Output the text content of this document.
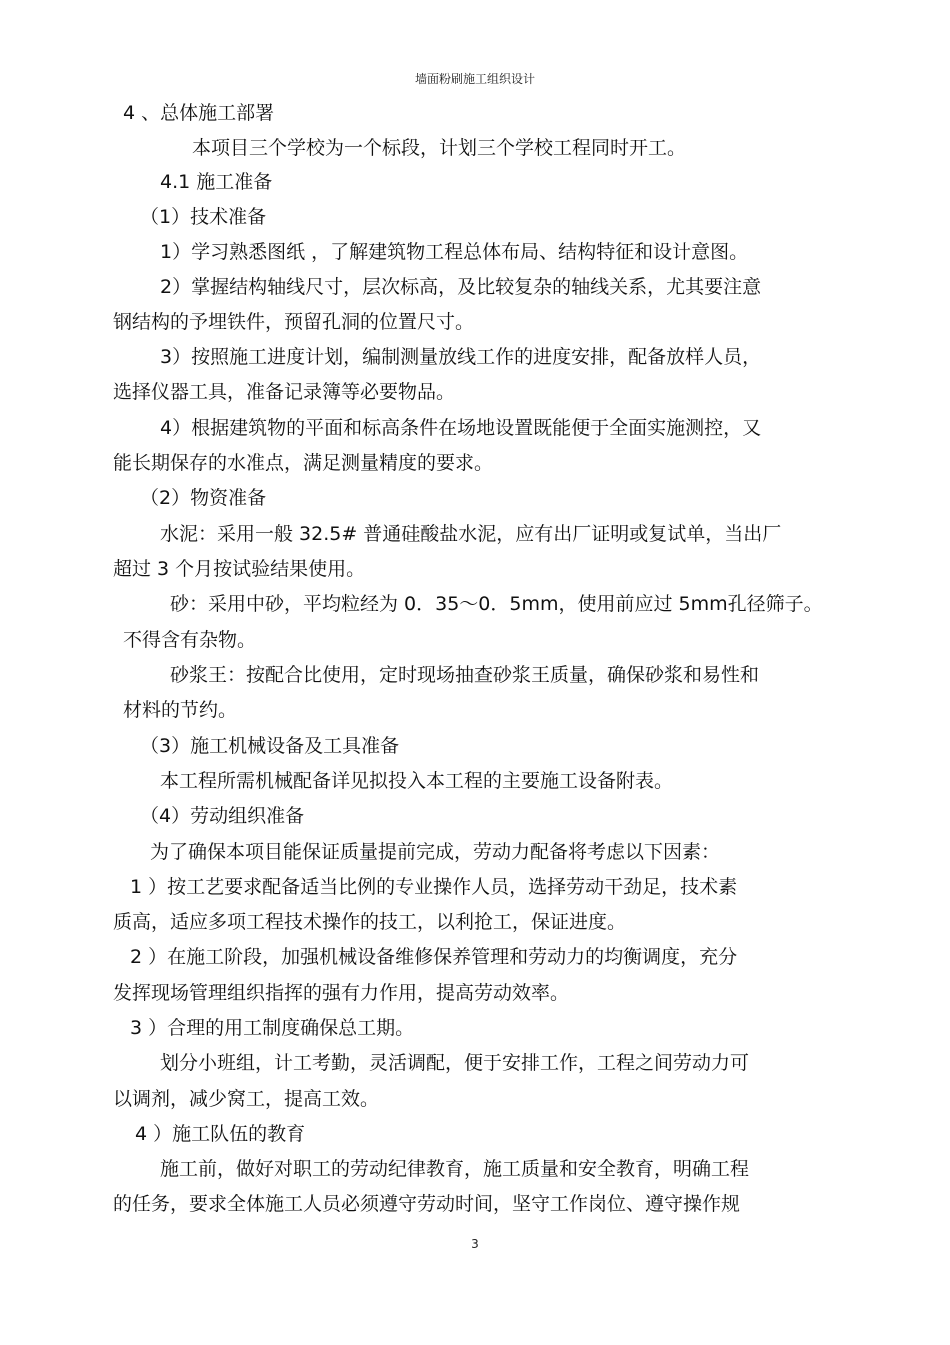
墙面粉刷施工组织设计
4 、总体施工部署
本项目三个学校为一个标段，计划三个学校工程同时开工。
4.1 施工准备
（1）技术准备
1）学习熟悉图纸 ，了解建筑物工程总体布局、结构特征和设计意图。
2）掌握结构轴线尺寸，层次标高，及比较复杂的轴线关系，尤其要注意
钢结构的予埋铁件，预留孔洞的位置尺寸。
3）按照施工进度计划，编制测量放线工作的进度安排，配备放样人员，
选择仪器工具，准备记录簿等必要物品。
4）根据建筑物的平面和标高条件在场地设置既能便于全面实施测控，又
能长期保存的水准点，满足测量精度的要求。
（2）物资准备
水泥：采用一般 32.5# 普通硅酸盐水泥，应有出厂证明或复试单，当出厂
超过 3 个月按试验结果使用。
砂：采用中砂，平均粒经为 0．35～0．5mm，使用前应过 5mm孔径筛子。
不得含有杂物。
砂浆王：按配合比使用，定时现场抽查砂浆王质量，确保砂浆和易性和
材料的节约。
（3）施工机械设备及工具准备
本工程所需机械配备详见拟投入本工程的主要施工设备附表。
（4）劳动组织准备
为了确保本项目能保证质量提前完成，劳动力配备将考虑以下因素：
1 ）按工艺要求配备适当比例的专业操作人员，选择劳动干劲足，技术素
质高，适应多项工程技术操作的技工，以利抢工，保证进度。
2 ）在施工阶段，加强机械设备维修保养管理和劳动力的均衡调度，充分
发挥现场管理组织指挥的强有力作用，提高劳动效率。
3 ）合理的用工制度确保总工期。
划分小班组，计工考勤，灵活调配，便于安排工作，工程之间劳动力可
以调剂，减少窝工，提高工效。
4 ）施工队伍的教育
施工前，做好对职工的劳动纪律教育，施工质量和安全教育，明确工程
的任务，要求全体施工人员必须遵守劳动时间，坚守工作岗位、遵守操作规
3
